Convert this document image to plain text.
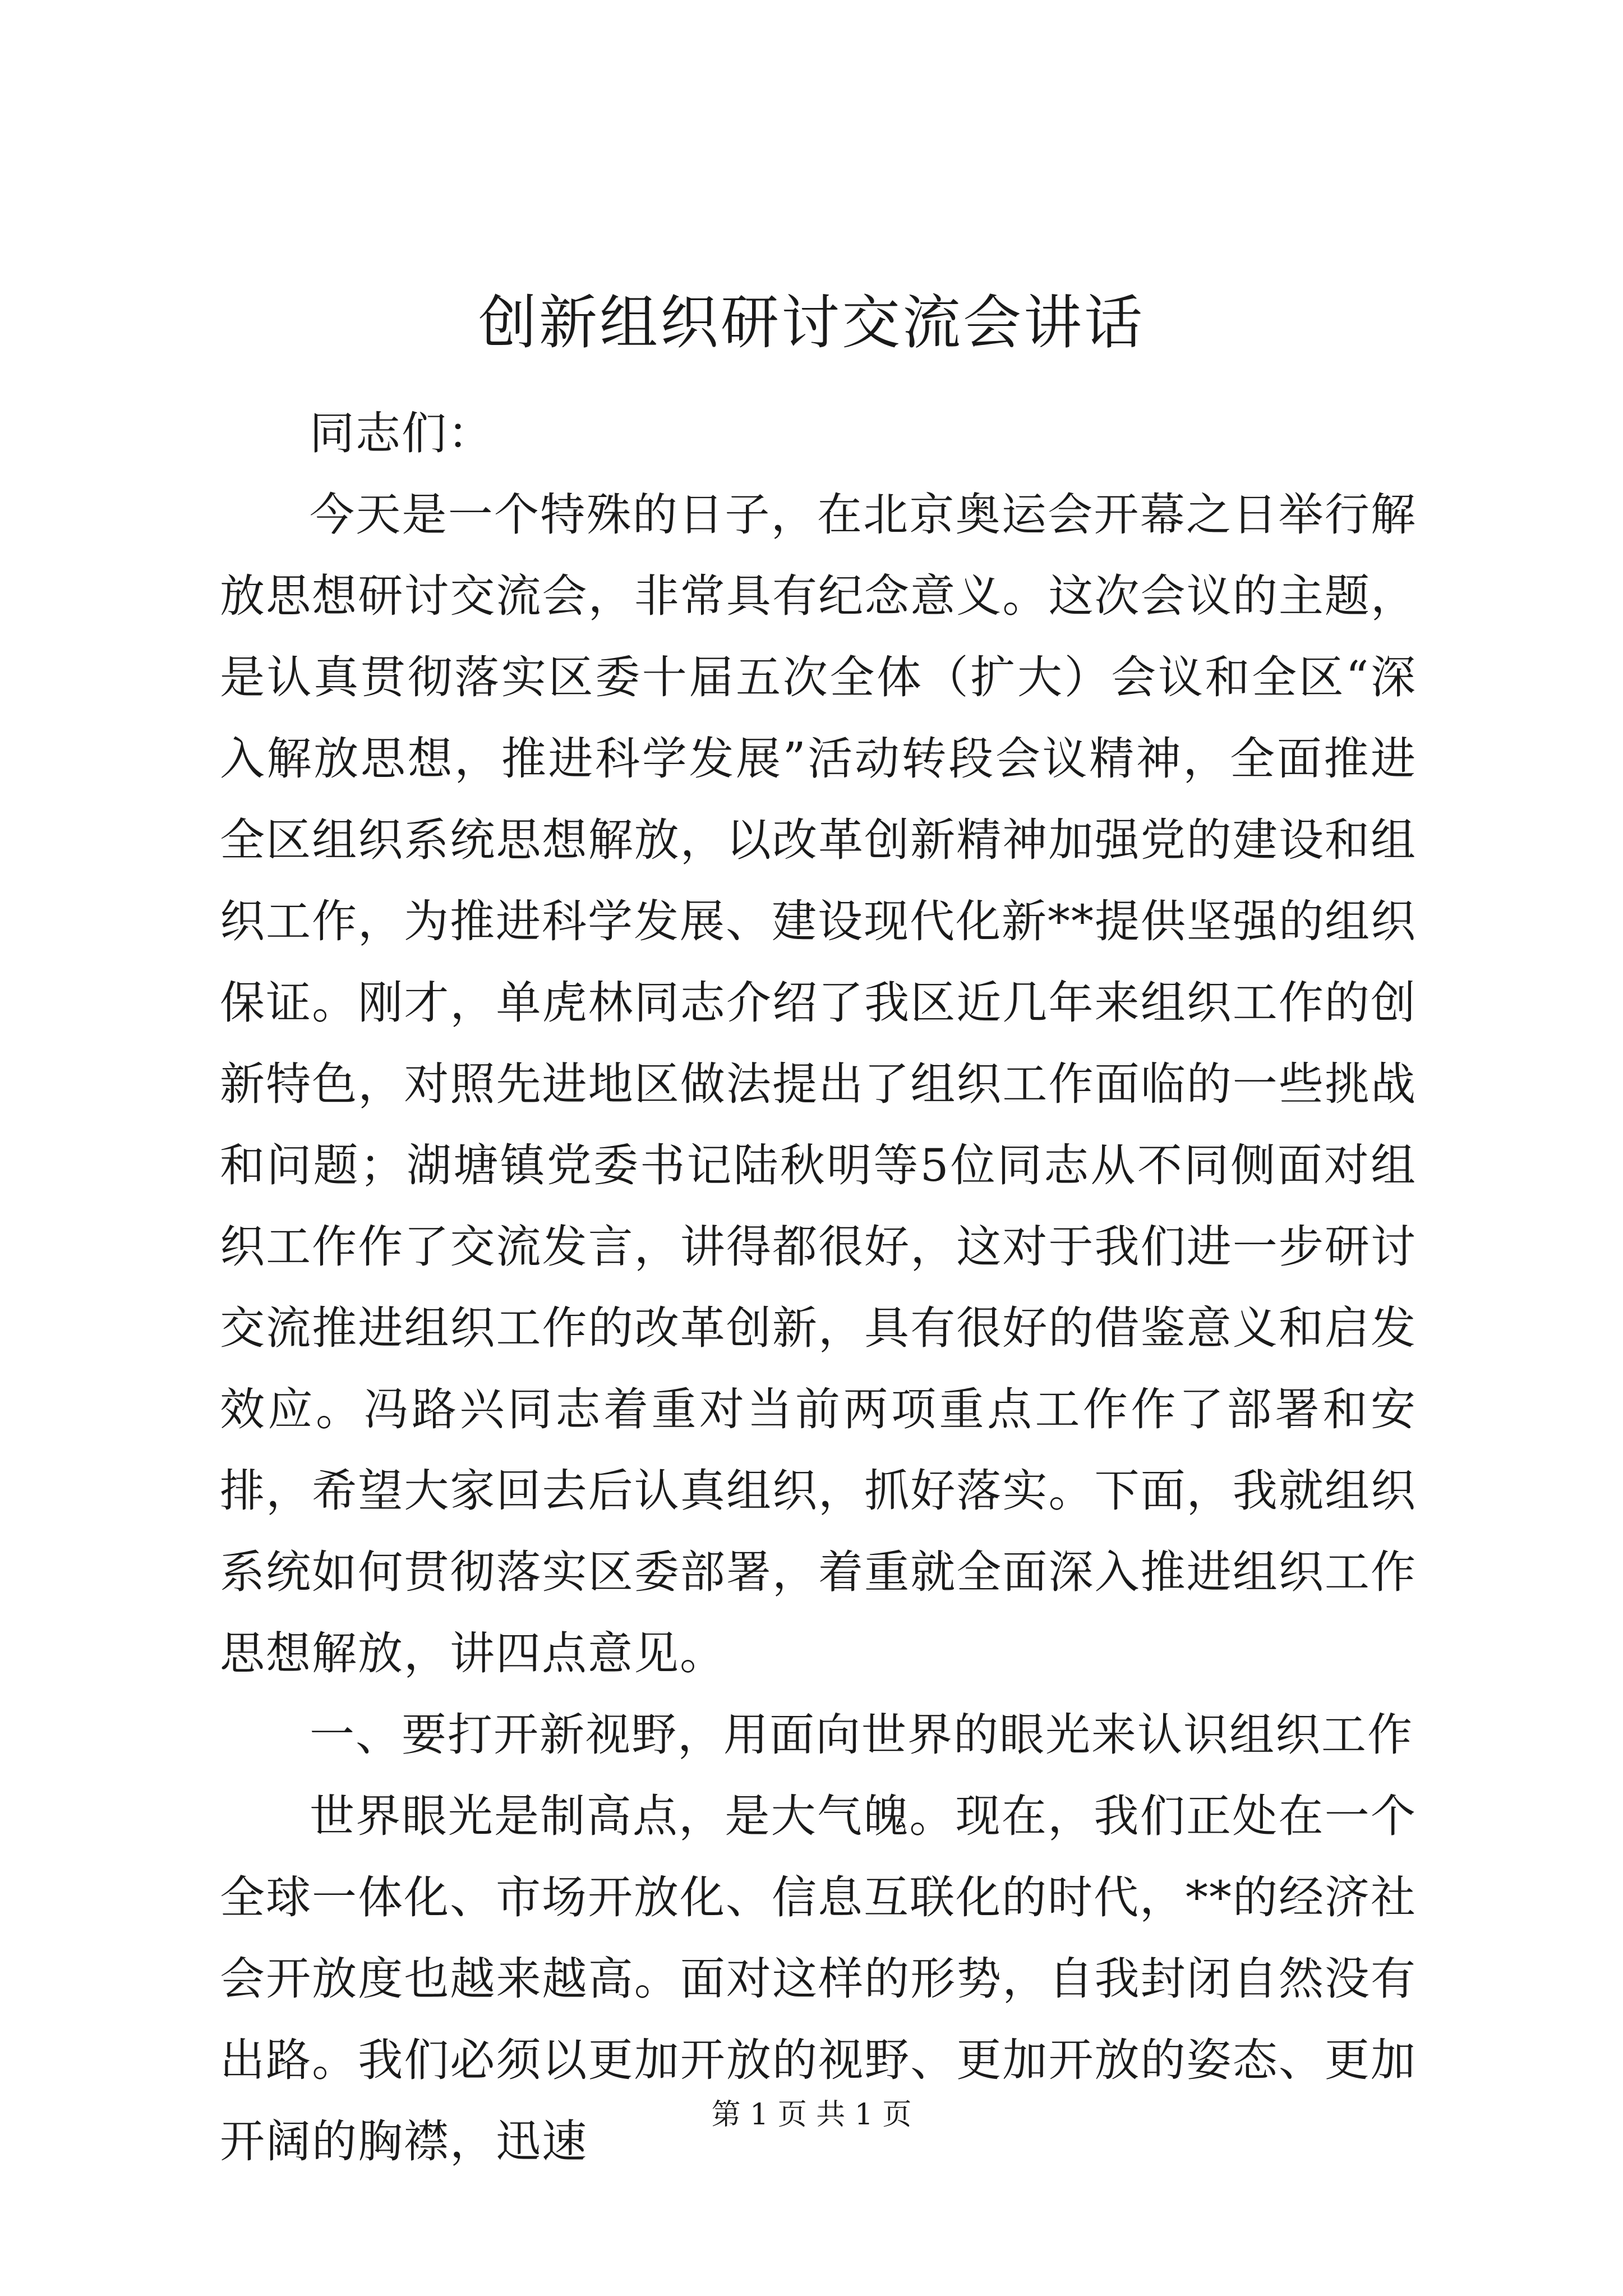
创新组织研讨交流会讲话

同志们：

今天是一个特殊的日子，在北京奥运会开幕之日举行解放思想研讨交流会，非常具有纪念意义。这次会议的主题，是认真贯彻落实区委十届五次全体（扩大）会议和全区“深入解放思想，推进科学发展”活动转段会议精神，全面推进全区组织系统思想解放，以改革创新精神加强党的建设和组织工作，为推进科学发展、建设现代化新**提供坚强的组织保证。刚才，单虎林同志介绍了我区近几年来组织工作的创新特色，对照先进地区做法提出了组织工作面临的一些挑战和问题；湖塘镇党委书记陆秋明等5位同志从不同侧面对组织工作作了交流发言，讲得都很好，这对于我们进一步研讨交流推进组织工作的改革创新，具有很好的借鉴意义和启发效应。冯路兴同志着重对当前两项重点工作作了部署和安排，希望大家回去后认真组织，抓好落实。下面，我就组织系统如何贯彻落实区委部署，着重就全面深入推进组织工作思想解放，讲四点意见。

一、要打开新视野，用面向世界的眼光来认识组织工作

世界眼光是制高点，是大气魄。现在，我们正处在一个全球一体化、市场开放化、信息互联化的时代，**的经济社会开放度也越来越高。面对这样的形势，自我封闭自然没有出路。我们必须以更加开放的视野、更加开放的姿态、更加开阔的胸襟，迅速

第 1 页 共 1 页
